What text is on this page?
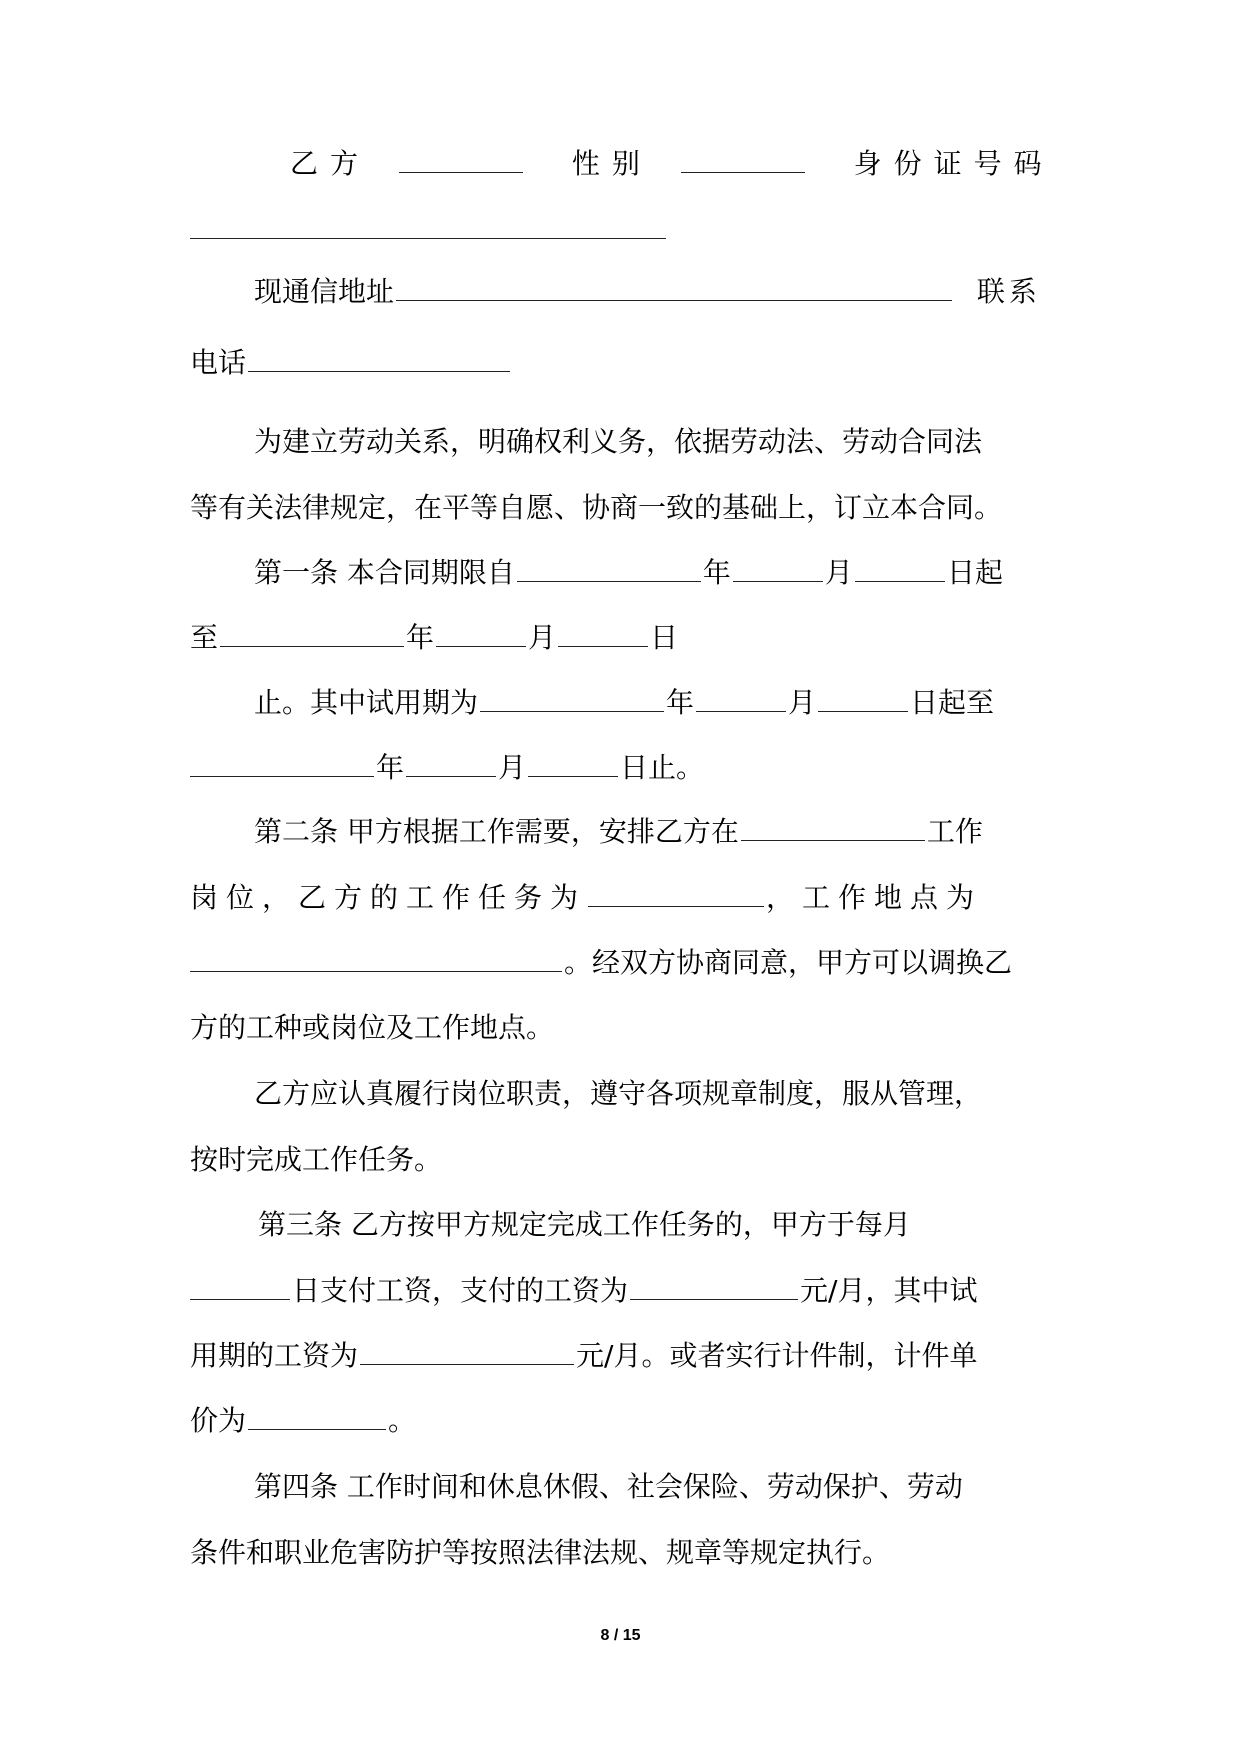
乙方	性别	身份证号码
现通信地址	联系
电话
为建立劳动关系，明确权利义务，依据劳动法、劳动合同法
等有关法律规定，在平等自愿、协商一致的基础上，订立本合同。
第一条 本合同期限自	年	月	日起
至	年	月	日
止。其中试用期为	年	月	日起至
年	月	日止。
第二条 甲方根据工作需要，安排乙方在	工作
岗位，乙方的工作任务为	，工作地点为
。经双方协商同意，甲方可以调换乙
方的工种或岗位及工作地点。
乙方应认真履行岗位职责，遵守各项规章制度，服从管理，
按时完成工作任务。
第三条 乙方按甲方规定完成工作任务的，甲方于每月
日支付工资，支付的工资为	元/月，其中试
用期的工资为	元/月。或者实行计件制，计件单
价为	。
第四条 工作时间和休息休假、社会保险、劳动保护、劳动
条件和职业危害防护等按照法律法规、规章等规定执行。
8 / 15
